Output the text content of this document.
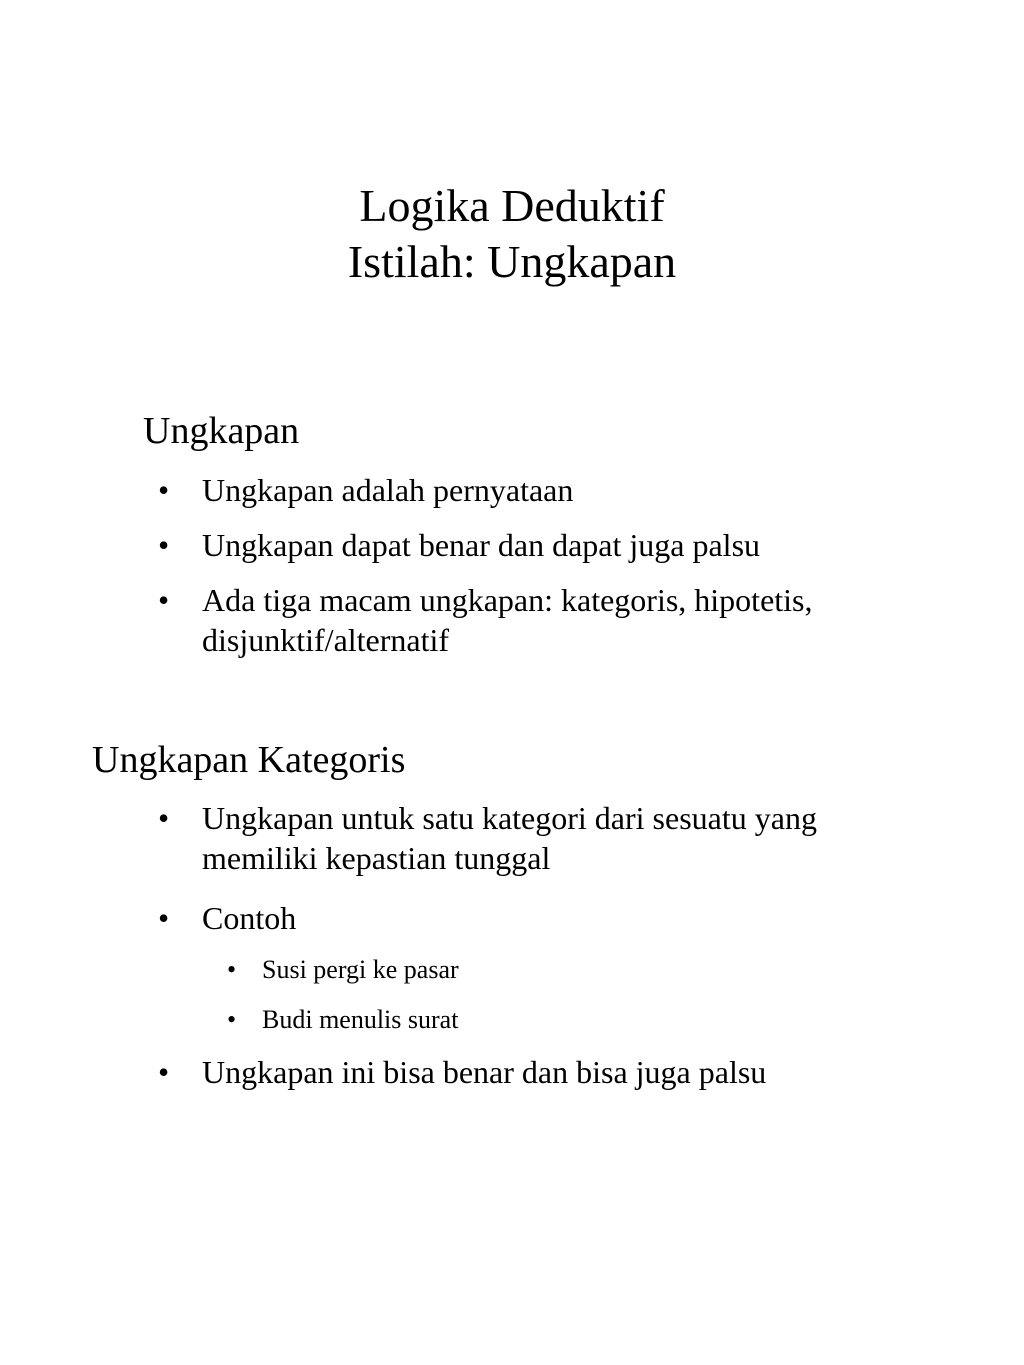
Logika Deduktif
Istilah: Ungkapan
Ungkapan
• Ungkapan adalah pernyataan
• Ungkapan dapat benar dan dapat juga palsu
• Ada tiga macam ungkapan: kategoris, hipotetis,
disjunktif/alternatif
Ungkapan Kategoris
• Ungkapan untuk satu kategori dari sesuatu yang
memiliki kepastian tunggal
• Contoh
• Susi pergi ke pasar
• Budi menulis surat
• Ungkapan ini bisa benar dan bisa juga palsu
